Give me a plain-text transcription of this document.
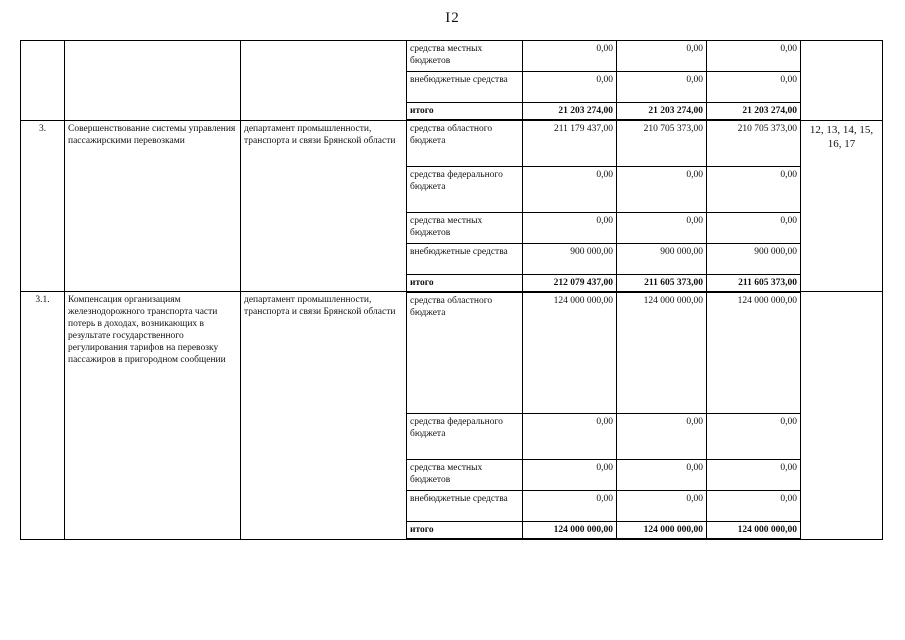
I2
			средства местных бюджетов	0,00	0,00	0,00	
			внебюджетные средства	0,00	0,00	0,00	
			итого	21 203 274,00	21 203 274,00	21 203 274,00	
3.	Совершенствование системы управления пассажирскими перевозками	департамент промышленности, транспорта и связи Брянской области	средства областного бюджета	211 179 437,00	210 705 373,00	210 705 373,00	12, 13, 14, 15, 16, 17
			средства федерального бюджета	0,00	0,00	0,00	
			средства местных бюджетов	0,00	0,00	0,00	
			внебюджетные средства	900 000,00	900 000,00	900 000,00	
			итого	212 079 437,00	211 605 373,00	211 605 373,00	
3.1.	Компенсация организациям железнодорожного транспорта части потерь в доходах, возникающих в результате государственного регулирования тарифов на перевозку пассажиров в пригородном сообщении	департамент промышленности, транспорта и связи Брянской области	средства областного бюджета	124 000 000,00	124 000 000,00	124 000 000,00	
			средства федерального бюджета	0,00	0,00	0,00	
			средства местных бюджетов	0,00	0,00	0,00	
			внебюджетные средства	0,00	0,00	0,00	
			итого	124 000 000,00	124 000 000,00	124 000 000,00	
